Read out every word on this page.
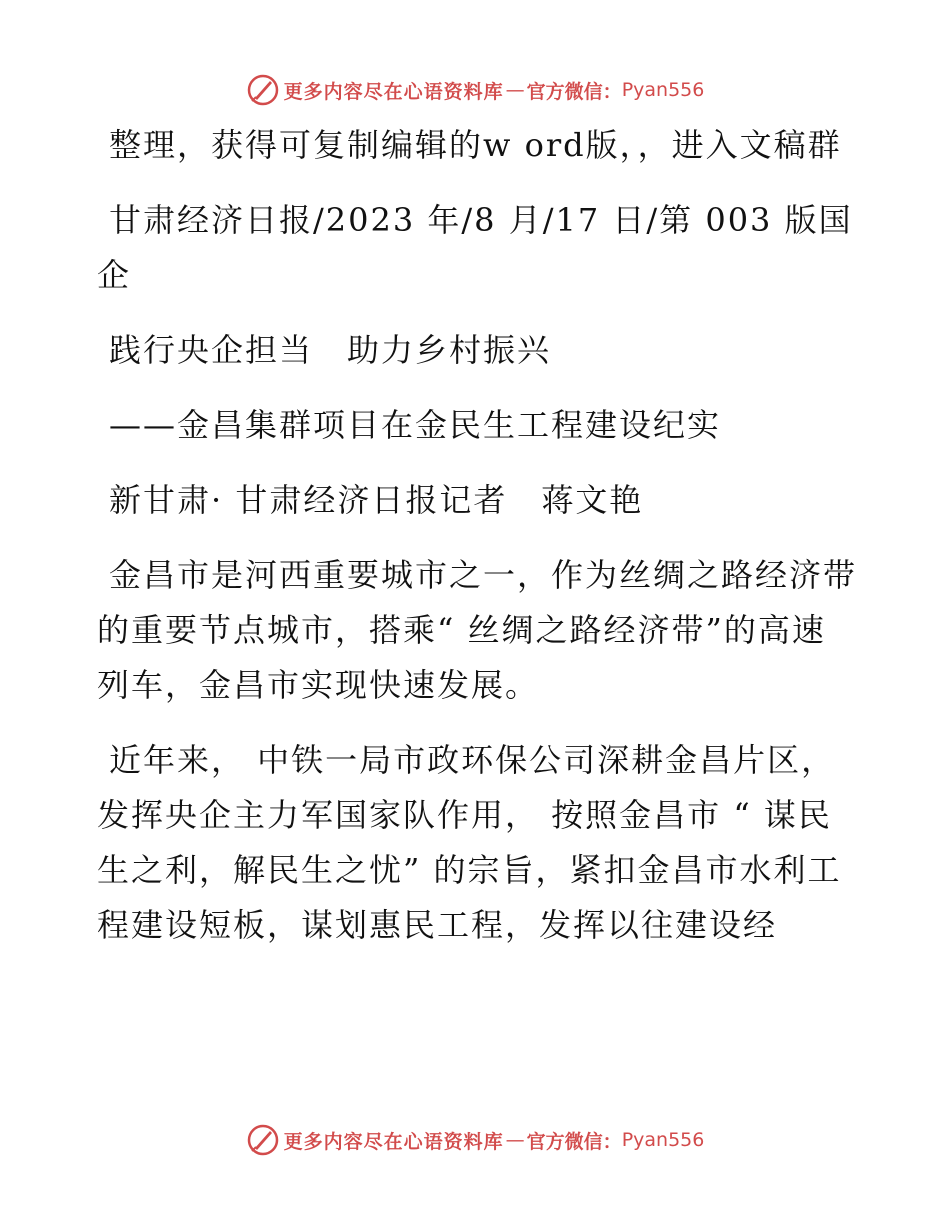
更多内容尽在心语资料库 — 官方微信： Pyan556

整理，获得可复制编辑的w ord版，，进入文稿群

甘肃经济日报/2023 年/8 月/17 日/第 003 版国企

践行央企担当　助力乡村振兴

——金昌集群项目在金民生工程建设纪实

新甘肃· 甘肃经济日报记者　蒋文艳

金昌市是河西重要城市之一，作为丝绸之路经济带的重要节点城市，搭乘“ 丝绸之路经济带”的高速列车，金昌市实现快速发展。

近年来， 中铁一局市政环保公司深耕金昌片区，发挥央企主力军国家队作用， 按照金昌市 “ 谋民生之利，解民生之忧” 的宗旨，紧扣金昌市水利工程建设短板，谋划惠民工程，发挥以往建设经

更多内容尽在心语资料库 — 官方微信： Pyan556
